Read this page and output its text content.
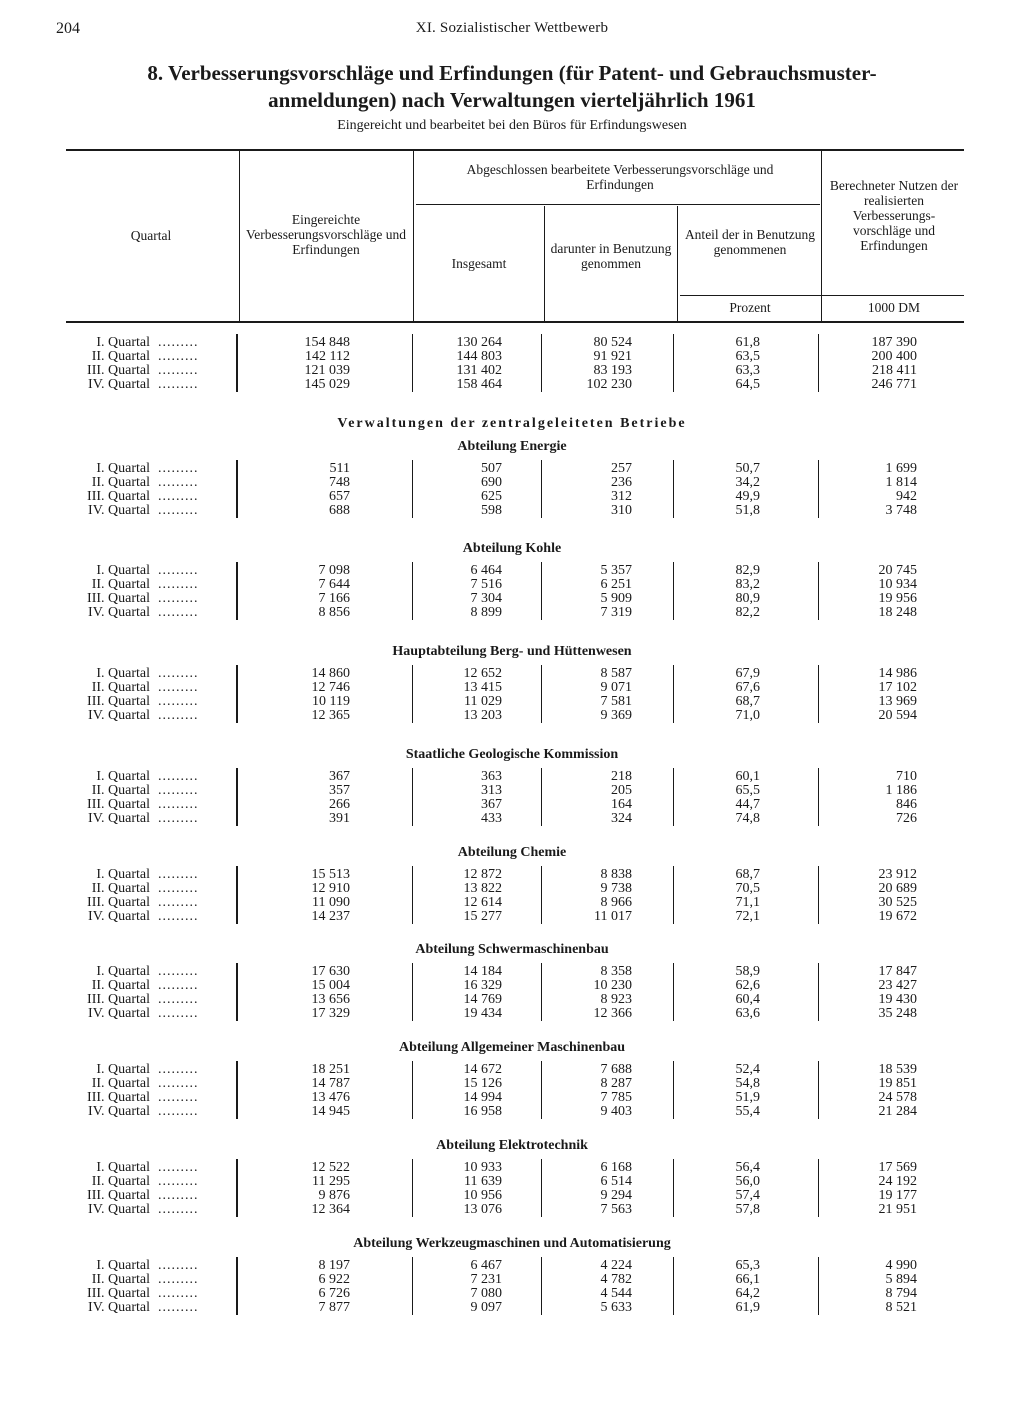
204	XI. Sozialistischer Wettbewerb
8. Verbesserungsvorschläge und Erfindungen (für Patent- und Gebrauchsmuster-
anmeldungen) nach Verwaltungen vierteljährlich 1961
Eingereicht und bearbeitet bei den Büros für Erfindungswesen
Quartal
Eingereichte Verbesserungsvorschläge und Erfindungen
Abgeschlossen bearbeitete Verbesserungsvorschläge und Erfindungen
Insgesamt
darunter in Benutzung genommen
Anteil der in Benutzung genommenen
Prozent
Berechneter Nutzen der realisierten Verbesserungs-vorschläge und Erfindungen
1000 DM
I. Quartal .........	154 848	130 264	80 524	61,8	187 390
II. Quartal .........	142 112	144 803	91 921	63,5	200 400
III. Quartal .........	121 039	131 402	83 193	63,3	218 411
IV. Quartal .........	145 029	158 464	102 230	64,5	246 771
Verwaltungen der zentralgeleiteten Betriebe
Abteilung Energie
I. Quartal .........	511	507	257	50,7	1 699
II. Quartal .........	748	690	236	34,2	1 814
III. Quartal .........	657	625	312	49,9	942
IV. Quartal .........	688	598	310	51,8	3 748
Abteilung Kohle
I. Quartal .........	7 098	6 464	5 357	82,9	20 745
II. Quartal .........	7 644	7 516	6 251	83,2	10 934
III. Quartal .........	7 166	7 304	5 909	80,9	19 956
IV. Quartal .........	8 856	8 899	7 319	82,2	18 248
Hauptabteilung Berg- und Hüttenwesen
I. Quartal .........	14 860	12 652	8 587	67,9	14 986
II. Quartal .........	12 746	13 415	9 071	67,6	17 102
III. Quartal .........	10 119	11 029	7 581	68,7	13 969
IV. Quartal .........	12 365	13 203	9 369	71,0	20 594
Staatliche Geologische Kommission
I. Quartal .........	367	363	218	60,1	710
II. Quartal .........	357	313	205	65,5	1 186
III. Quartal .........	266	367	164	44,7	846
IV. Quartal .........	391	433	324	74,8	726
Abteilung Chemie
I. Quartal .........	15 513	12 872	8 838	68,7	23 912
II. Quartal .........	12 910	13 822	9 738	70,5	20 689
III. Quartal .........	11 090	12 614	8 966	71,1	30 525
IV. Quartal .........	14 237	15 277	11 017	72,1	19 672
Abteilung Schwermaschinenbau
I. Quartal .........	17 630	14 184	8 358	58,9	17 847
II. Quartal .........	15 004	16 329	10 230	62,6	23 427
III. Quartal .........	13 656	14 769	8 923	60,4	19 430
IV. Quartal .........	17 329	19 434	12 366	63,6	35 248
Abteilung Allgemeiner Maschinenbau
I. Quartal .........	18 251	14 672	7 688	52,4	18 539
II. Quartal .........	14 787	15 126	8 287	54,8	19 851
III. Quartal .........	13 476	14 994	7 785	51,9	24 578
IV. Quartal .........	14 945	16 958	9 403	55,4	21 284
Abteilung Elektrotechnik
I. Quartal .........	12 522	10 933	6 168	56,4	17 569
II. Quartal .........	11 295	11 639	6 514	56,0	24 192
III. Quartal .........	9 876	10 956	9 294	57,4	19 177
IV. Quartal .........	12 364	13 076	7 563	57,8	21 951
Abteilung Werkzeugmaschinen und Automatisierung
I. Quartal .........	8 197	6 467	4 224	65,3	4 990
II. Quartal .........	6 922	7 231	4 782	66,1	5 894
III. Quartal .........	6 726	7 080	4 544	64,2	8 794
IV. Quartal .........	7 877	9 097	5 633	61,9	8 521
